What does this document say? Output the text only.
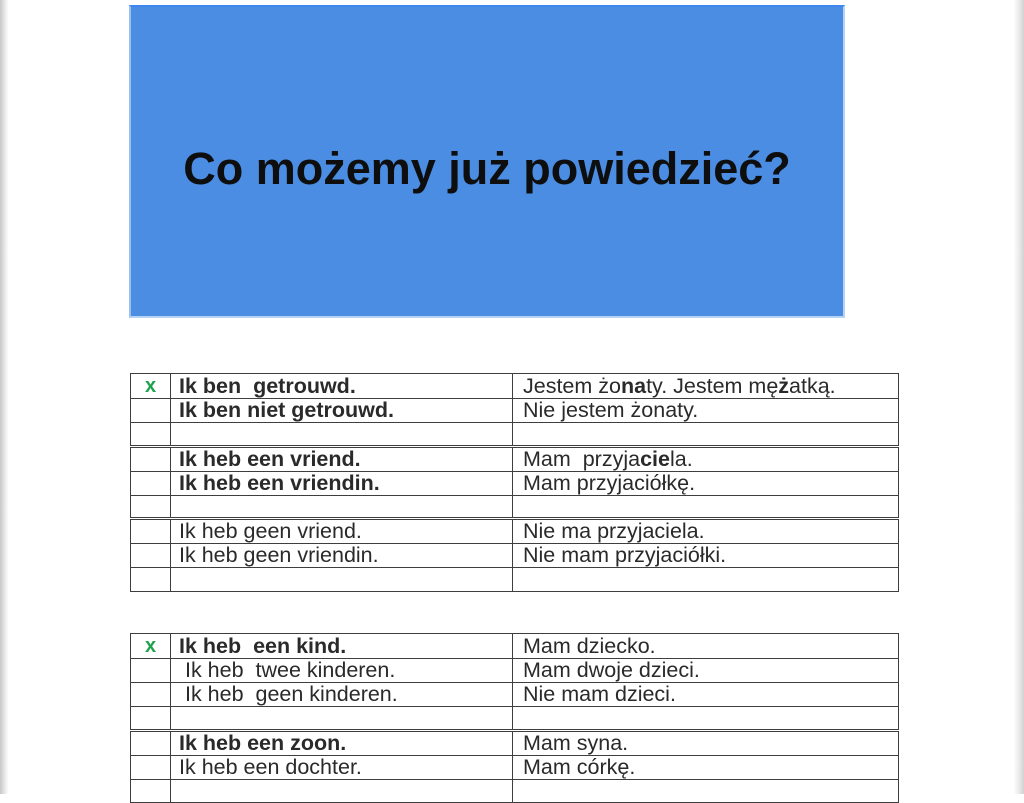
Co możemy już powiedzieć?
x	Ik ben  getrouwd.	Jestem żonaty. Jestem mężatką.
	Ik ben niet getrouwd.	Nie jestem żonaty.

	Ik heb een vriend.	Mam  przyjaciela.
	Ik heb een vriendin.	Mam przyjaciółkę.

	Ik heb geen vriend.	Nie ma przyjaciela.
	Ik heb geen vriendin.	Nie mam przyjaciółki.

x	Ik heb  een kind.	Mam dziecko.
	Ik heb  twee kinderen.	Mam dwoje dzieci.
	Ik heb  geen kinderen.	Nie mam dzieci.

	Ik heb een zoon.	Mam syna.
	Ik heb een dochter.	Mam córkę.
